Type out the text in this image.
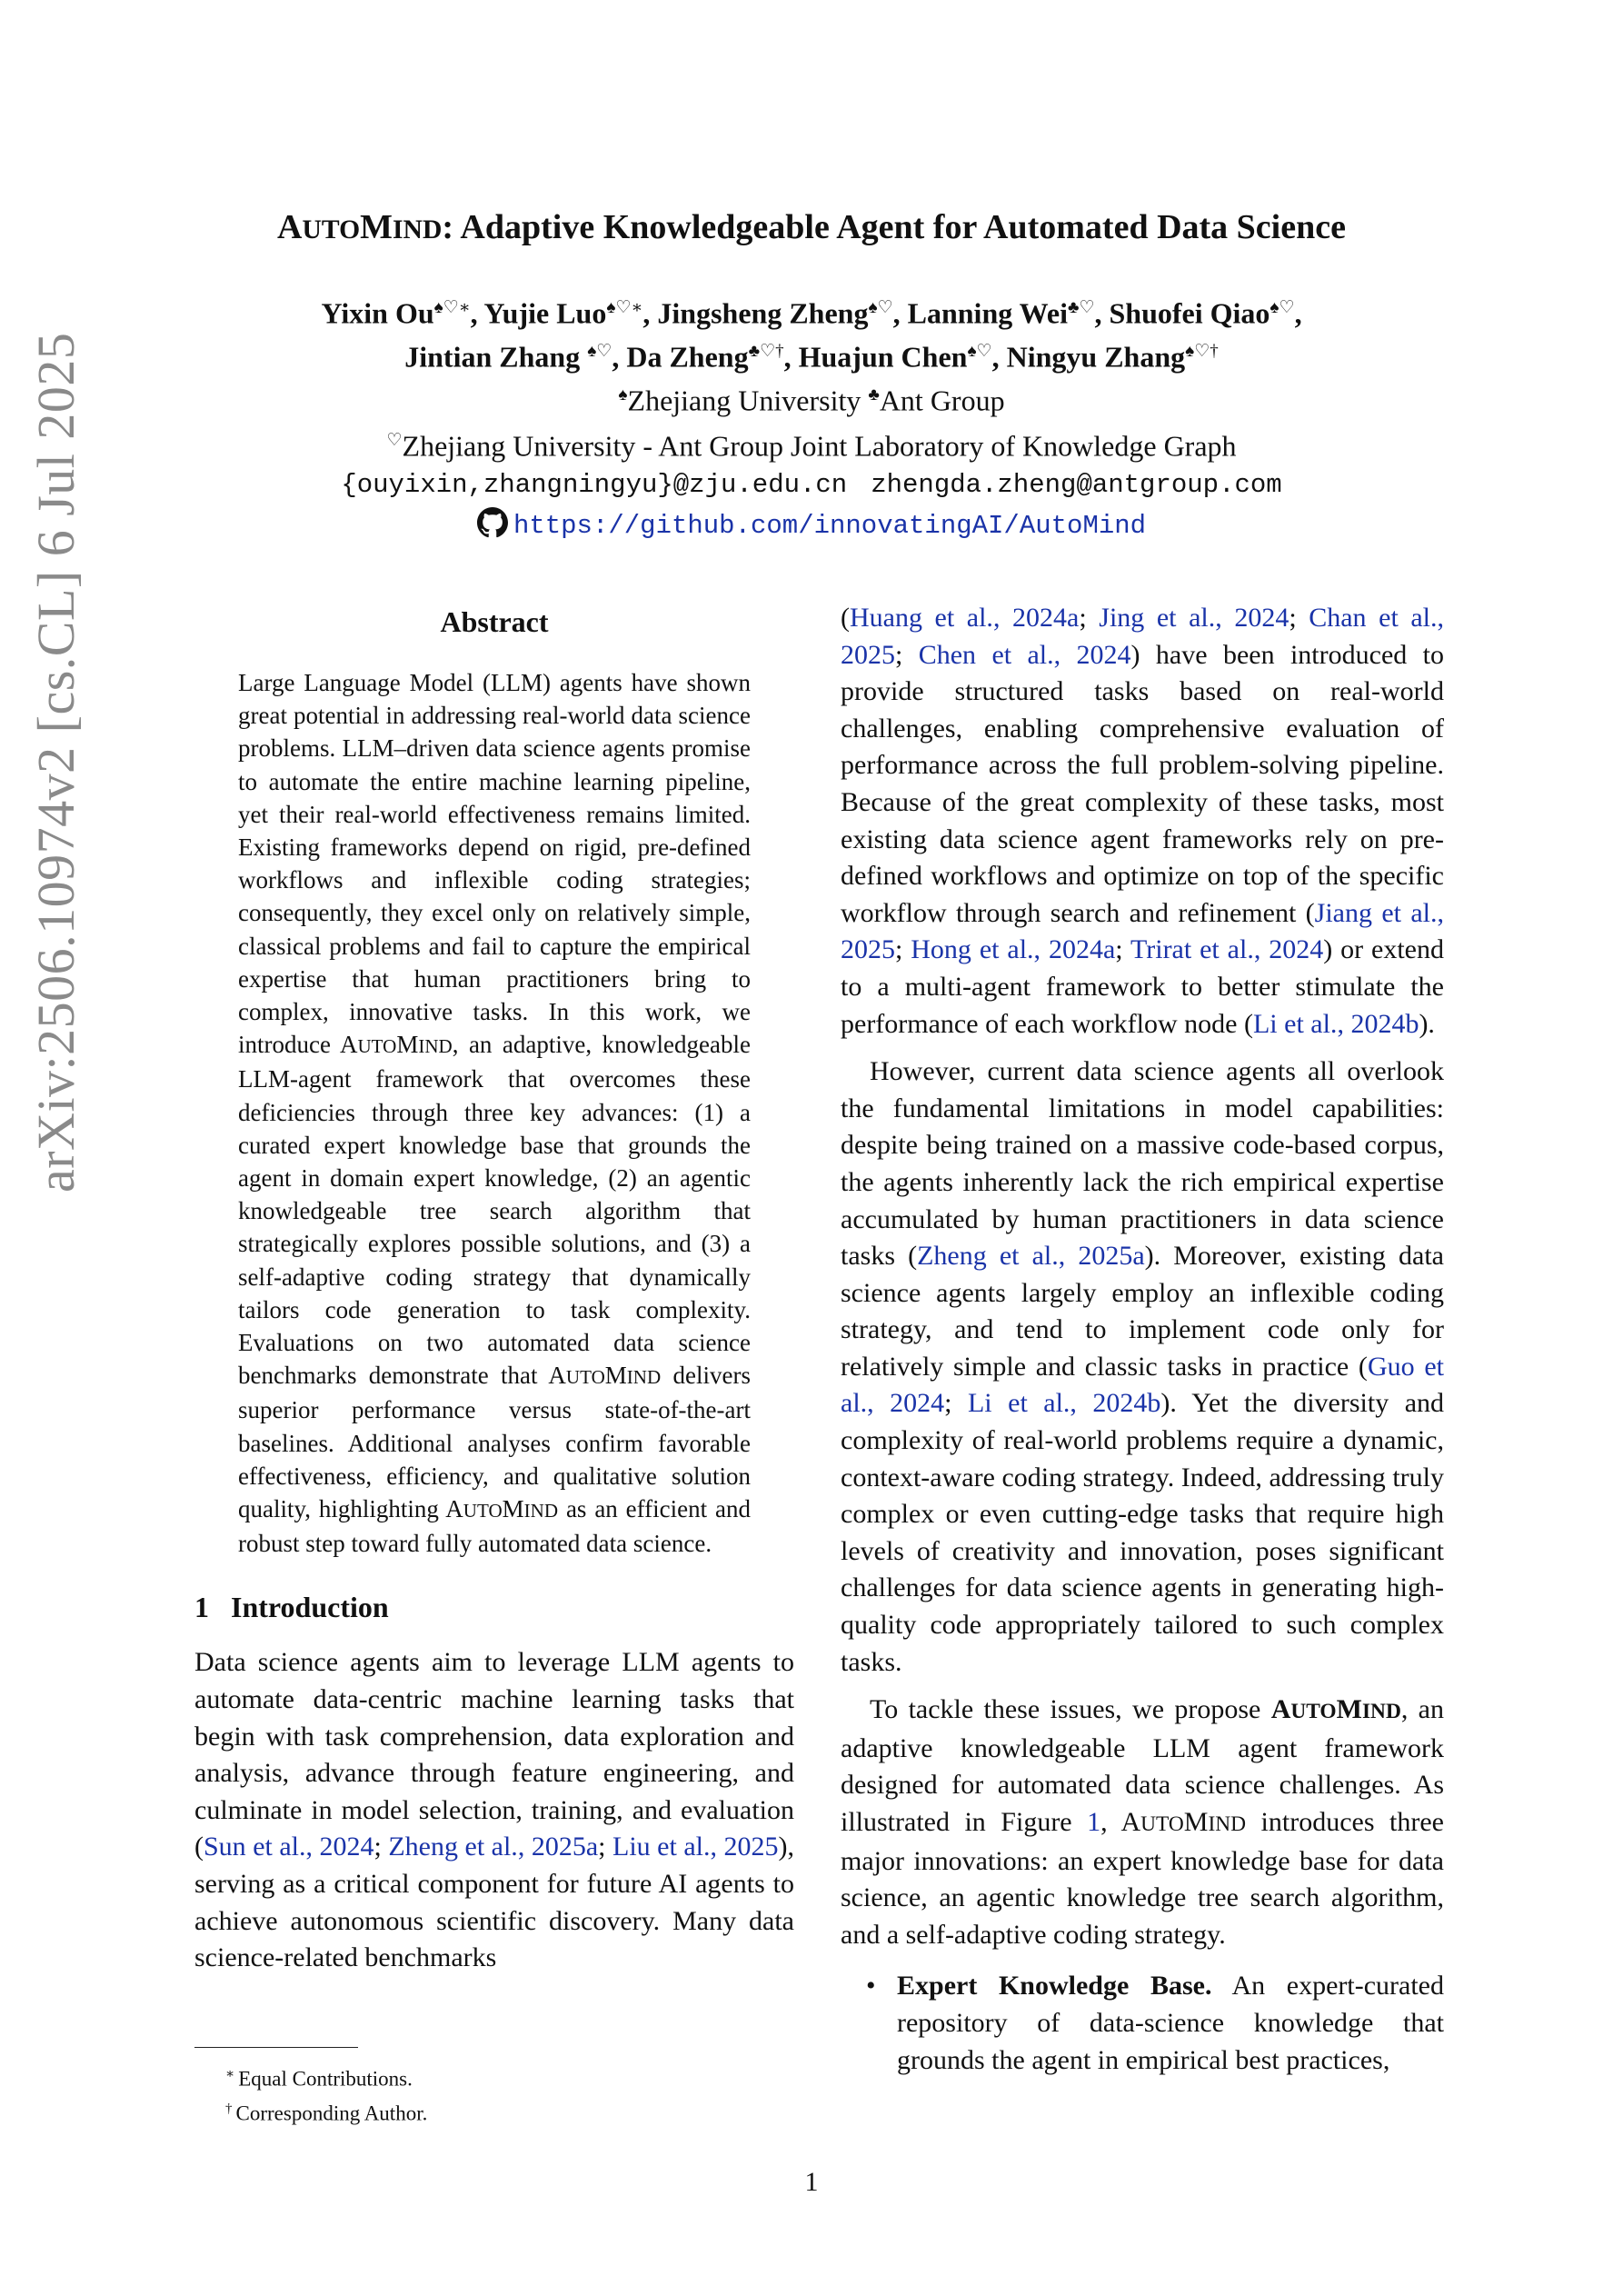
arXiv:2506.10974v2 [cs.CL] 6 Jul 2025
AUTOMIND: Adaptive Knowledgeable Agent for Automated Data Science
Yixin Ou♠♡∗, Yujie Luo♠♡∗, Jingsheng Zheng♠♡, Lanning Wei♣♡, Shuofei Qiao♠♡,
Jintian Zhang ♠♡, Da Zheng♣♡†, Huajun Chen♠♡, Ningyu Zhang♠♡†
♠Zhejiang University ♣Ant Group
♡Zhejiang University - Ant Group Joint Laboratory of Knowledge Graph
{ouyixin,zhangningyu}@zju.edu.cn zhengda.zheng@antgroup.com
https://github.com/innovatingAI/AutoMind
Abstract
Large Language Model (LLM) agents have shown great potential in addressing real-world data science problems. LLM–driven data science agents promise to automate the entire machine learning pipeline, yet their real-world effectiveness remains limited. Existing frameworks depend on rigid, pre-defined workflows and inflexible coding strategies; consequently, they excel only on relatively simple, classical problems and fail to capture the empirical expertise that human practitioners bring to complex, innovative tasks. In this work, we introduce AUTOMIND, an adaptive, knowledgeable LLM-agent framework that overcomes these deficiencies through three key advances: (1) a curated expert knowledge base that grounds the agent in domain expert knowledge, (2) an agentic knowledgeable tree search algorithm that strategically explores possible solutions, and (3) a self-adaptive coding strategy that dynamically tailors code generation to task complexity. Evaluations on two automated data science benchmarks demonstrate that AUTOMIND delivers superior performance versus state-of-the-art baselines. Additional analyses confirm favorable effectiveness, efficiency, and qualitative solution quality, highlighting AUTOMIND as an efficient and robust step toward fully automated data science.
1 Introduction

Data science agents aim to leverage LLM agents to automate data-centric machine learning tasks that begin with task comprehension, data exploration and analysis, advance through feature engineering, and culminate in model selection, training, and evaluation (Sun et al., 2024; Zheng et al., 2025a; Liu et al., 2025), serving as a critical component for future AI agents to achieve autonomous scientific discovery. Many data science-related benchmarks

(Huang et al., 2024a; Jing et al., 2024; Chan et al., 2025; Chen et al., 2024) have been introduced to provide structured tasks based on real-world challenges, enabling comprehensive evaluation of performance across the full problem-solving pipeline. Because of the great complexity of these tasks, most existing data science agent frameworks rely on pre-defined workflows and optimize on top of the specific workflow through search and refinement (Jiang et al., 2025; Hong et al., 2024a; Trirat et al., 2024) or extend to a multi-agent framework to better stimulate the performance of each workflow node (Li et al., 2024b).

However, current data science agents all overlook the fundamental limitations in model capabilities: despite being trained on a massive code-based corpus, the agents inherently lack the rich empirical expertise accumulated by human practitioners in data science tasks (Zheng et al., 2025a). Moreover, existing data science agents largely employ an inflexible coding strategy, and tend to implement code only for relatively simple and classic tasks in practice (Guo et al., 2024; Li et al., 2024b). Yet the diversity and complexity of real-world problems require a dynamic, context-aware coding strategy. Indeed, addressing truly complex or even cutting-edge tasks that require high levels of creativity and innovation, poses significant challenges for data science agents in generating high-quality code appropriately tailored to such complex tasks.

To tackle these issues, we propose AUTOMIND, an adaptive knowledgeable LLM agent framework designed for automated data science challenges. As illustrated in Figure 1, AUTOMIND introduces three major innovations: an expert knowledge base for data science, an agentic knowledge tree search algorithm, and a self-adaptive coding strategy.

• Expert Knowledge Base. An expert-curated repository of data-science knowledge that grounds the agent in empirical best practices,
∗ Equal Contributions.
† Corresponding Author.
1
